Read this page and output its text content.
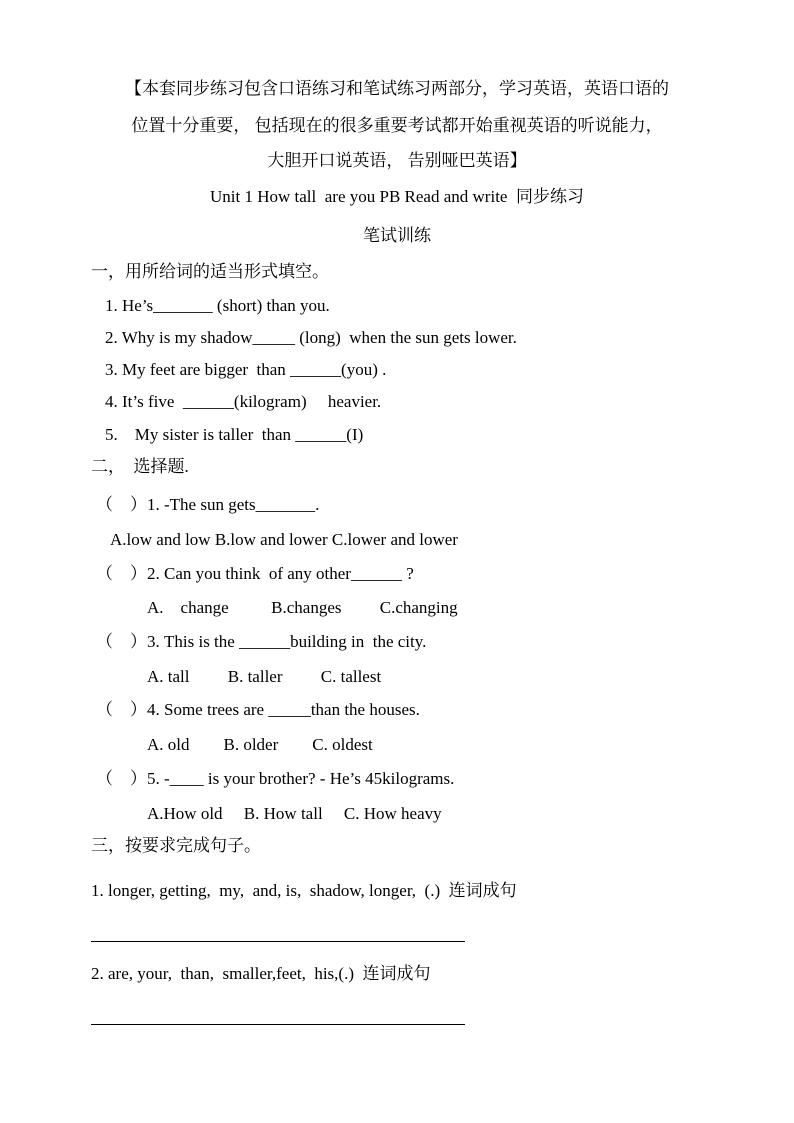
【本套同步练习包含口语练习和笔试练习两部分，学习英语，英语口语的
位置十分重要， 包括现在的很多重要考试都开始重视英语的听说能力，
大胆开口说英语， 告别哑巴英语】
Unit 1 How tall  are you PB Read and write  同步练习
笔试训练
一，用所给词的适当形式填空。
1. He’s_______ (short) than you.
2. Why is my shadow_____ (long)  when the sun gets lower.
3. My feet are bigger  than ______(you) .
4. It’s five  ______(kilogram)     heavier.
5.    My sister is taller  than ______(I)
二，  选择题.
（    ）1. -The sun gets_______.
A.low and low B.low and lower C.lower and lower
（    ）2. Can you think  of any other______ ?
A.    change          B.changes         C.changing
（    ）3. This is the ______building in  the city.
A. tall         B. taller         C. tallest
（    ）4. Some trees are _____than the houses.
A. old        B. older        C. oldest
（    ）5. -____ is your brother? - He’s 45kilograms.
A.How old     B. How tall     C. How heavy
三，按要求完成句子。
1. longer, getting,  my,  and, is,  shadow, longer,  (.)  连词成句
2. are, your,  than,  smaller,feet,  his,(.)  连词成句
